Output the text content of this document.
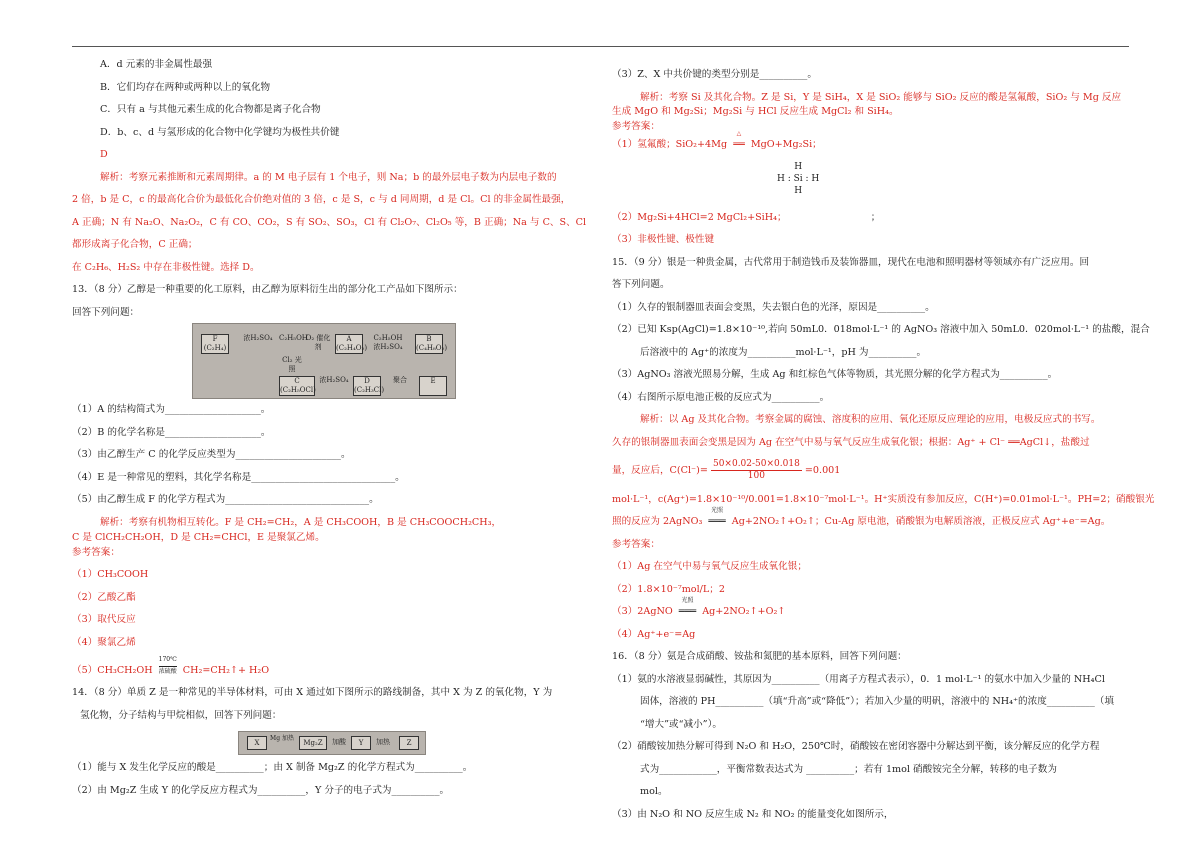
A．d 元素的非金属性最强
B．它们均存在两种或两种以上的氧化物
C．只有 a 与其他元素生成的化合物都是离子化合物
D．b、c、d 与氢形成的化合物中化学键均为极性共价键
D
解析：考察元素推断和元素周期律。a 的 M 电子层有 1 个电子，则 Na；b 的最外层电子数为内层电子数的
2 倍，b 是 C，c 的最高化合价为最低化合价绝对值的 3 倍，c 是 S，c 与 d 同周期，d 是 Cl。Cl 的非金属性最强，
A 正确；N 有 Na₂O、Na₂O₂，C 有 CO、CO₂，S 有 SO₂、SO₃，Cl 有 Cl₂O₇、Cl₂O₅ 等，B 正确；Na 与 C、S、Cl
都形成离子化合物，C 正确；
在 C₂H₆、H₂S₂ 中存在非极性键。选择 D。
13．（8 分）乙醇是一种重要的化工原料，由乙醇为原料衍生出的部分化工产品如下图所示：
回答下列问题：
F (C₂H₄)
浓H₂SO₄ C₂H₅OH
O₂ 催化剂
A (C₂H₄O₂)
C₂H₅OH 浓H₂SO₄
B (C₄H₈O₂)
Cl₂ 光照
C (C₂H₅OCl)
浓H₂SO₄	D (C₂H₃Cl)
聚合	E
（1）A 的结构简式为____________________。
（2）B 的化学名称是____________________。
（3）由乙醇生产 C 的化学反应类型为______________________。
（4）E 是一种常见的塑料，其化学名称是______________________________。
（5）由乙醇生成 F 的化学方程式为______________________________。
解析：考察有机物相互转化。F 是 CH₂=CH₂，A 是 CH₃COOH，B 是 CH₃COOCH₂CH₃，
C 是 ClCH₂CH₂OH，D 是 CH₂=CHCl，E 是聚氯乙烯。
参考答案：
（1）CH₃COOH
（2）乙酸乙酯
（3）取代反应
（4）聚氯乙烯
（5）CH₃CH₂OH
170℃
浓硫酸 CH₂=CH₂↑+ H₂O
14．（8 分）单质 Z 是一种常见的半导体材料，可由 X 通过如下图所示的路线制备，其中 X 为 Z 的氧化物，Y 为
氢化物，分子结构与甲烷相似，回答下列问题：
X
Mg 加热
Mg₂Z	加酸	Y	加热	Z
（1）能与 X 发生化学反应的酸是__________；由 X 制备 Mg₂Z 的化学方程式为__________。
（2）由 Mg₂Z 生成 Y 的化学反应方程式为__________，Y 分子的电子式为__________。
（3）Z、X 中共价键的类型分别是__________。
解析：考察 Si 及其化合物。Z 是 Si，Y 是 SiH₄，X 是 SiO₂ 能够与 SiO₂ 反应的酸是氢氟酸，SiO₂ 与 Mg 反应
生成 MgO 和 Mg₂Si；Mg₂Si 与 HCl 反应生成 MgCl₂ 和 SiH₄。
参考答案：
（1）氢氟酸；SiO₂+4Mg
△
══ MgO+Mg₂Si；
H
H : Si : H
H
（2）Mg₂Si+4HCl=2 MgCl₂+SiH₄；	；
（3）非极性键、极性键
15．（9 分）银是一种贵金属，古代常用于制造钱币及装饰器皿，现代在电池和照明器材等领域亦有广泛应用。回
答下列问题。
（1）久存的银制器皿表面会变黑，失去银白色的光泽，原因是__________。
（2）已知 Ksp(AgCl)=1.8×10⁻¹⁰,若向 50mL0．018mol·L⁻¹ 的 AgNO₃ 溶液中加入 50mL0．020mol·L⁻¹ 的盐酸，混合
后溶液中的 Ag⁺的浓度为__________mol·L⁻¹，pH 为__________。
（3）AgNO₃ 溶液光照易分解，生成 Ag 和红棕色气体等物质，其光照分解的化学方程式为__________。
（4）右图所示原电池正极的反应式为__________。
解析：以 Ag 及其化合物。考察金属的腐蚀、溶度积的应用、氧化还原反应理论的应用，电极反应式的书写。
久存的银制器皿表面会变黑是因为 Ag 在空气中易与氧气反应生成氧化银；根据：Ag⁺ + Cl⁻ ══AgCl↓，盐酸过
量，反应后，$C(Cl^-)= \frac{50\times 0.02-50\times 0.018}{100} =0.001$
mol·L⁻¹，c(Ag⁺)=1.8×10⁻¹⁰/0.001=1.8×10⁻⁷mol·L⁻¹。H⁺实质没有参加反应，C(H⁺)=0.01mol·L⁻¹。PH=2；硝酸银光
照的反应为 2AgNO₃
光照
═══ Ag+2NO₂↑+O₂↑；Cu-Ag 原电池，硝酸银为电解质溶液，正极反应式 Ag⁺+e⁻=Ag。
参考答案：
（1）Ag 在空气中易与氧气反应生成氧化银；
（2）1.8×10⁻⁷mol/L；2
（3）2AgNO
光照
═══ Ag+2NO₂↑+O₂↑
（4）Ag⁺+e⁻=Ag
16．（8 分）氨是合成硝酸、铵盐和氮肥的基本原料，回答下列问题：
（1）氨的水溶液显弱碱性，其原因为__________（用离子方程式表示），0．1 mol·L⁻¹ 的氨水中加入少量的 NH₄Cl
固体，溶液的 PH__________（填“升高”或“降低”）；若加入少量的明矾，溶液中的 NH₄⁺的浓度__________（填
“增大”或“减小”）。
（2）硝酸铵加热分解可得到 N₂O 和 H₂O，250℃时，硝酸铵在密闭容器中分解达到平衡，该分解反应的化学方程
式为____________，平衡常数表达式为 __________；若有 1mol 硝酸铵完全分解，转移的电子数为
mol。
（3）由 N₂O 和 NO 反应生成 N₂ 和 NO₂ 的能量变化如图所示，
